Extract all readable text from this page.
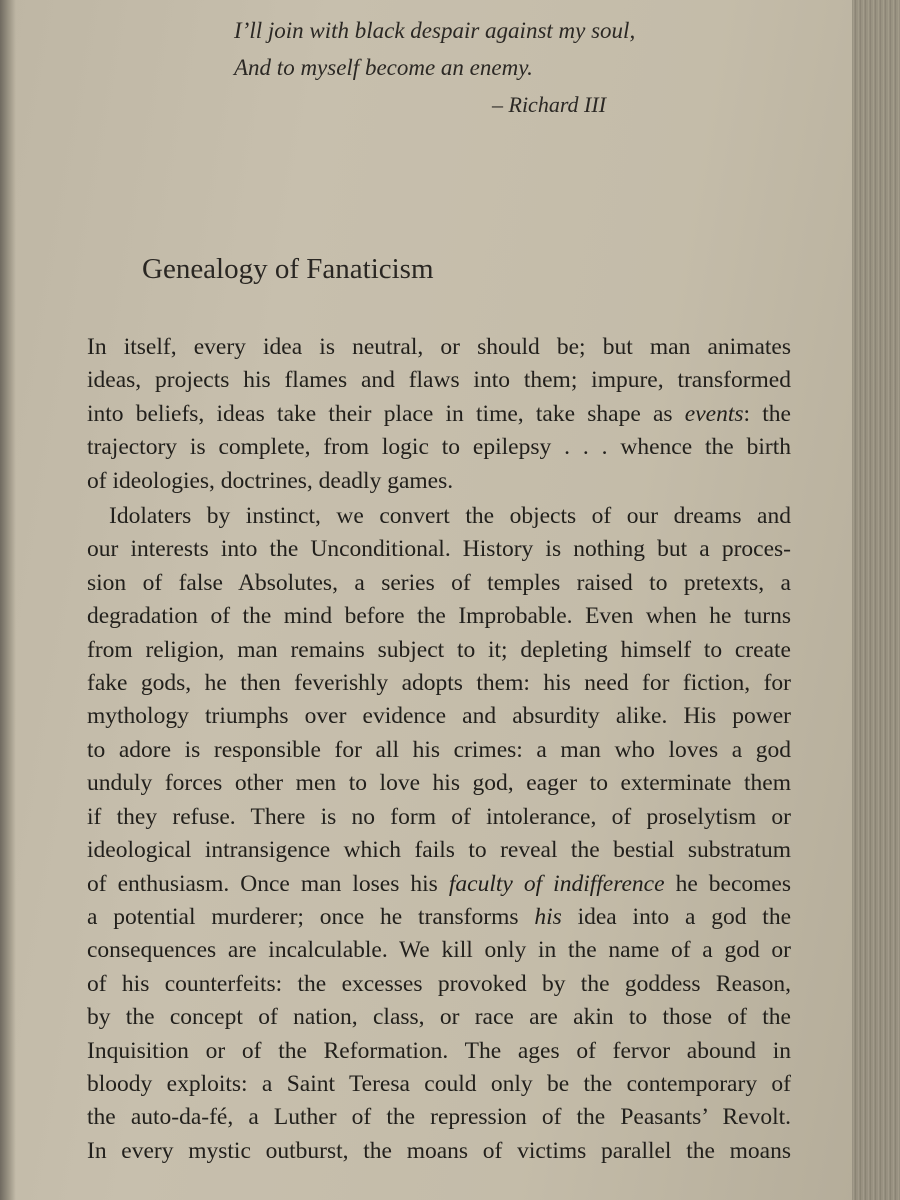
I’ll join with black despair against my soul,
And to myself become an enemy.
– Richard III
Genealogy of Fanaticism
In itself, every idea is neutral, or should be; but man animates
ideas, projects his flames and flaws into them; impure, transformed
into beliefs, ideas take their place in time, take shape as events: the
trajectory is complete, from logic to epilepsy . . . whence the birth
of ideologies, doctrines, deadly games.
Idolaters by instinct, we convert the objects of our dreams and
our interests into the Unconditional. History is nothing but a proces-
sion of false Absolutes, a series of temples raised to pretexts, a
degradation of the mind before the Improbable. Even when he turns
from religion, man remains subject to it; depleting himself to create
fake gods, he then feverishly adopts them: his need for fiction, for
mythology triumphs over evidence and absurdity alike. His power
to adore is responsible for all his crimes: a man who loves a god
unduly forces other men to love his god, eager to exterminate them
if they refuse. There is no form of intolerance, of proselytism or
ideological intransigence which fails to reveal the bestial substratum
of enthusiasm. Once man loses his faculty of indifference he becomes
a potential murderer; once he transforms his idea into a god the
consequences are incalculable. We kill only in the name of a god or
of his counterfeits: the excesses provoked by the goddess Reason,
by the concept of nation, class, or race are akin to those of the
Inquisition or of the Reformation. The ages of fervor abound in
bloody exploits: a Saint Teresa could only be the contemporary of
the auto-da-fé, a Luther of the repression of the Peasants’ Revolt.
In every mystic outburst, the moans of victims parallel the moans
